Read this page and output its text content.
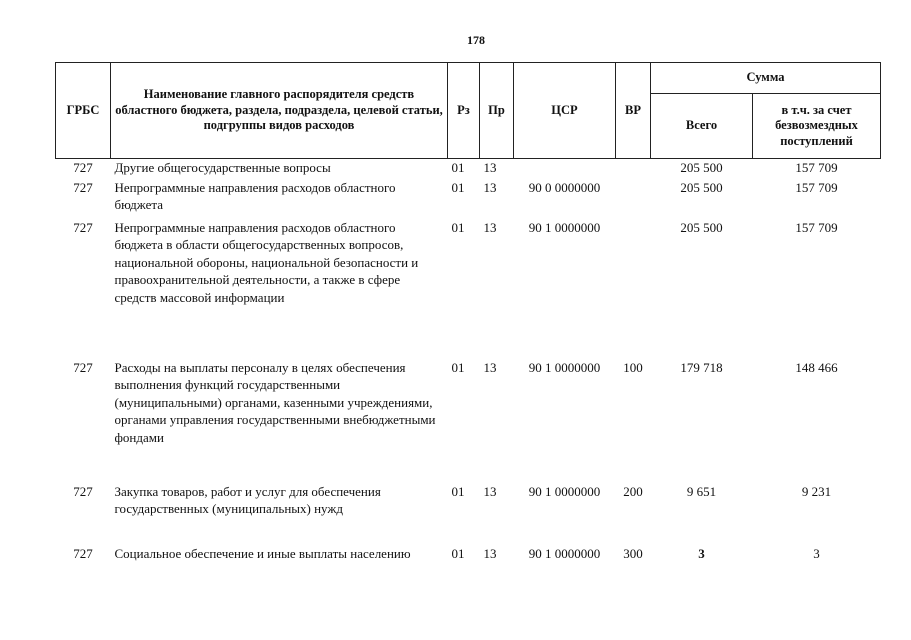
178
ГРБС	Наименование главного распорядителя средств областного бюджета, раздела, подраздела, целевой статьи, подгруппы видов расходов	Рз	Пр	ЦСР	ВР	Сумма	
						Всего	в т.ч. за счет безвозмездных поступлений
727	Другие общегосударственные вопросы	01	13			205 500	157 709
727	Непрограммные направления расходов областного бюджета	01	13	90 0 0000000		205 500	157 709
727	Непрограммные направления расходов областного бюджета в области общегосударственных вопросов, национальной обороны, национальной безопасности и правоохранительной деятельности, а также в сфере средств массовой информации	01	13	90 1 0000000		205 500	157 709
727	Расходы на выплаты персоналу в целях обеспечения выполнения функций государственными (муниципальными) органами, казенными учреждениями, органами управления государственными внебюджетными фондами	01	13	90 1 0000000	100	179 718	148 466
727	Закупка товаров, работ и услуг для обеспечения государственных (муниципальных) нужд	01	13	90 1 0000000	200	9 651	9 231
727	Социальное обеспечение и иные выплаты населению	01	13	90 1 0000000	300	3	3
